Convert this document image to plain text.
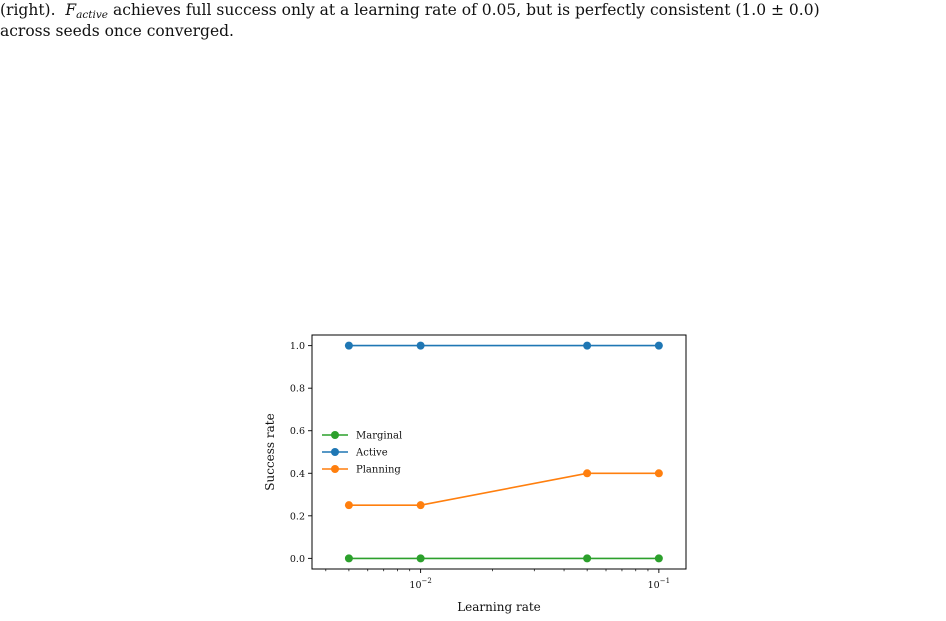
(right). $F_{active}$ achieves full success only at a learning rate of 0.05, but is perfectly consistent (1.0 ± 0.0)
across seeds once converged.

0.0
0.2
0.4
0.6
0.8
1.0
$10^{-2}$	$10^{-1}$
Learning rate
Success rate	Marginal
Active
Planning
